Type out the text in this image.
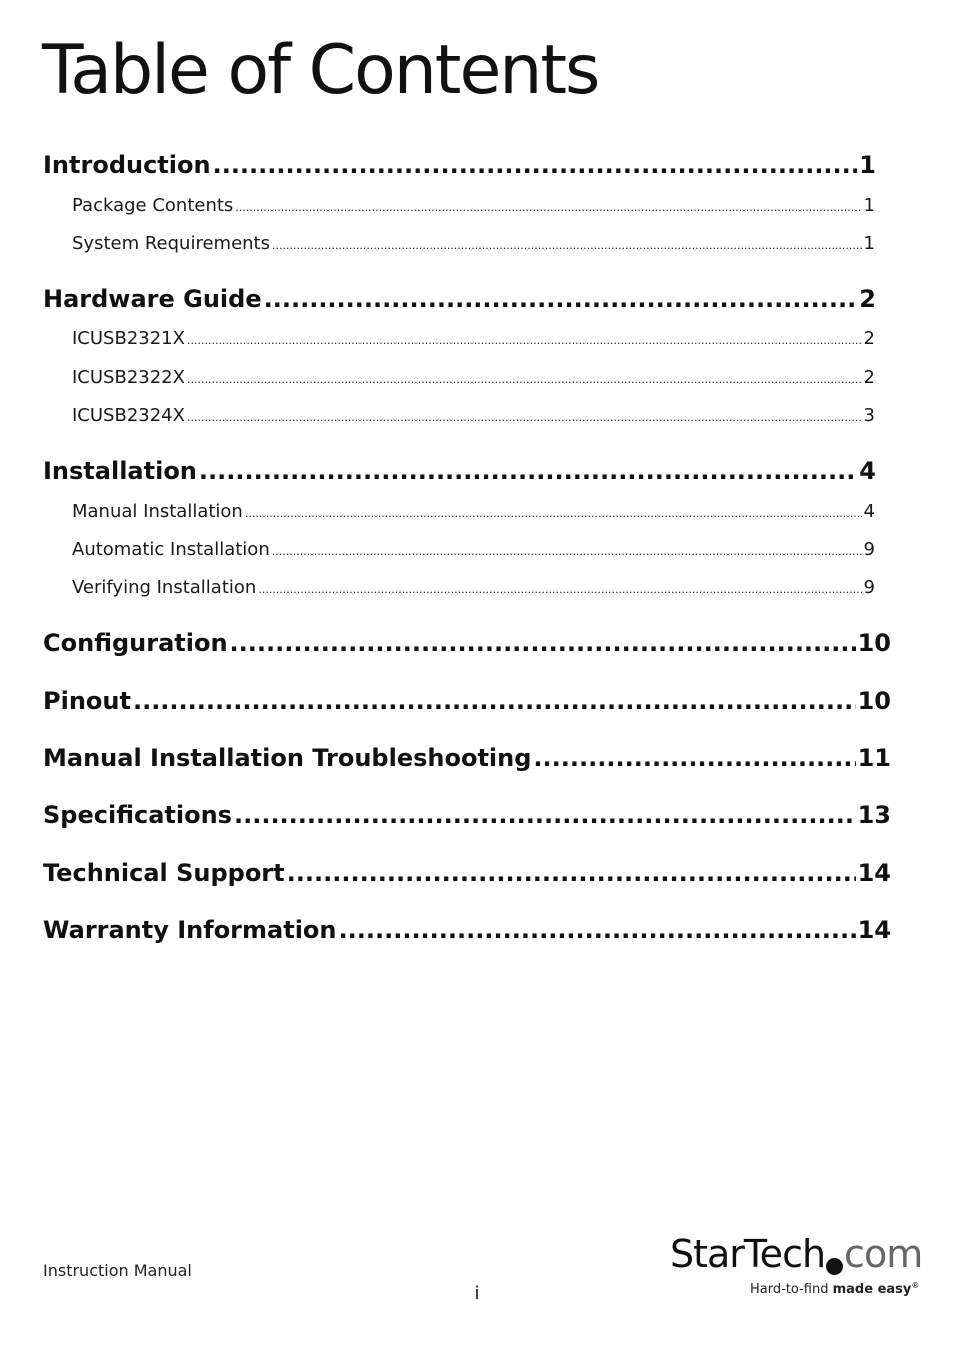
Table of Contents
Introduction .....	1
Package Contents .....	1
System Requirements .....	1
Hardware Guide .....	2
ICUSB2321X .....	2
ICUSB2322X .....	2
ICUSB2324X .....	3
Installation .....	4
Manual Installation .....	4
Automatic Installation .....	9
Verifying Installation .....	9
Configuration .....	10
Pinout .....	10
Manual Installation Troubleshooting .....	11
Specifications .....	13
Technical Support .....	14
Warranty Information .....	14
Instruction Manual
i
StarTech com
Hard-to-find made easy®
